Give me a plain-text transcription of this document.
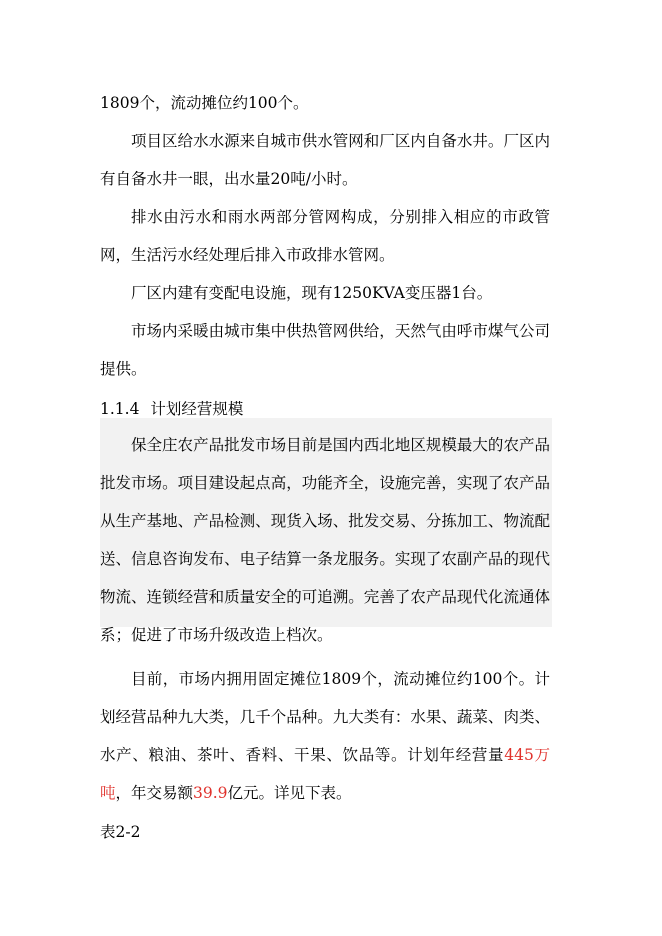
1809个，流动摊位约100个。

项目区给水水源来自城市供水管网和厂区内自备水井。厂区内有自备水井一眼，出水量20吨/小时。

排水由污水和雨水两部分管网构成，分别排入相应的市政管网，生活污水经处理后排入市政排水管网。

厂区内建有变配电设施，现有1250KVA变压器1台。

市场内采暖由城市集中供热管网供给，天然气由呼市煤气公司提供。

1.1.4 计划经营规模

保全庄农产品批发市场目前是国内西北地区规模最大的农产品批发市场。项目建设起点高，功能齐全，设施完善，实现了农产品从生产基地、产品检测、现货入场、批发交易、分拣加工、物流配送、信息咨询发布、电子结算一条龙服务。实现了农副产品的现代物流、连锁经营和质量安全的可追溯。完善了农产品现代化流通体系；促进了市场升级改造上档次。

目前，市场内拥用固定摊位1809个，流动摊位约100个。计划经营品种九大类，几千个品种。九大类有：水果、蔬菜、肉类、水产、粮油、茶叶、香料、干果、饮品等。计划年经营量445万吨，年交易额39.9亿元。详见下表。

表2-2
